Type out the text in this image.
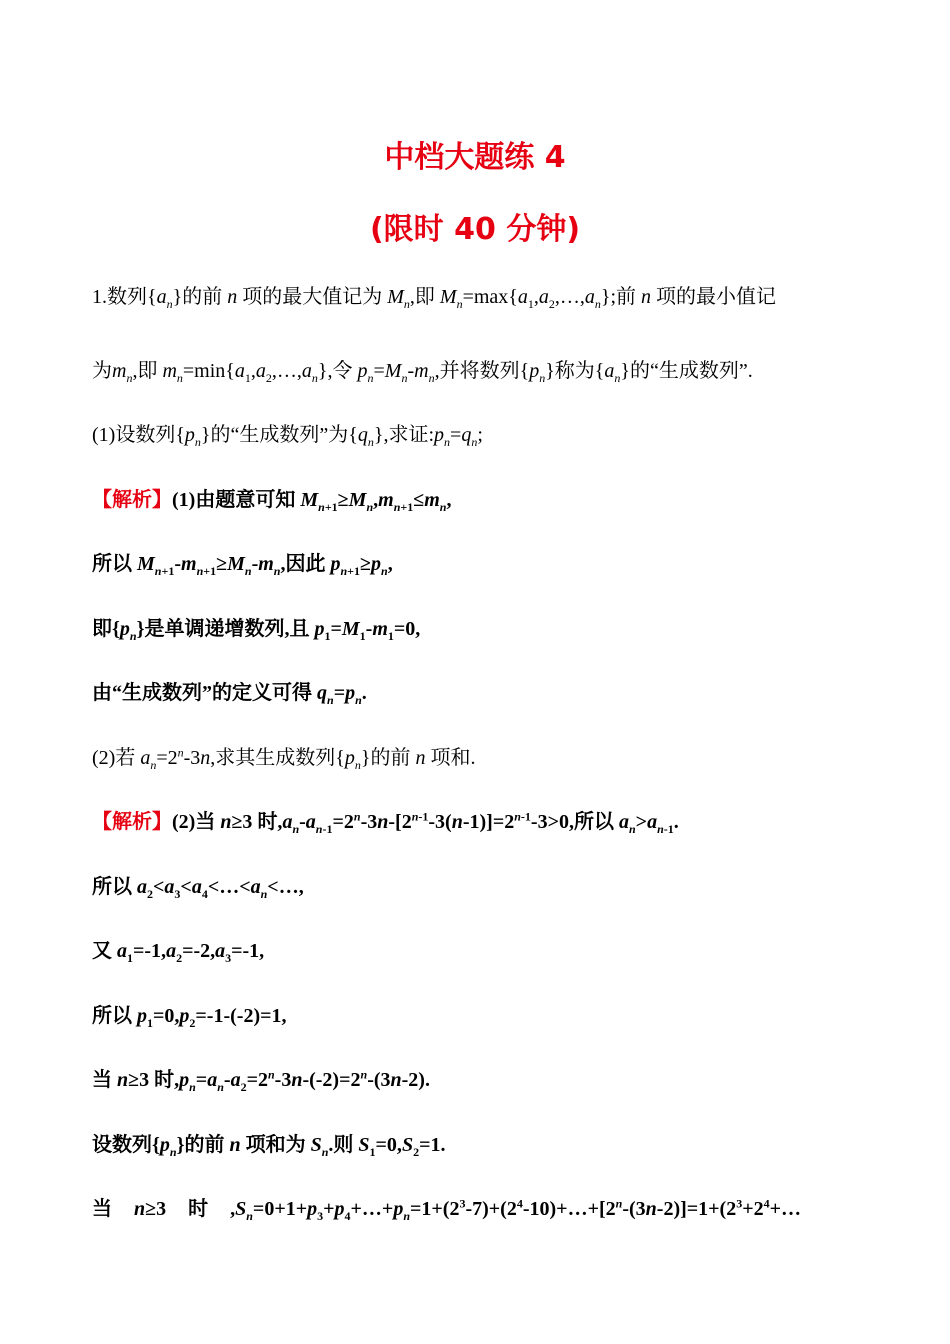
中档大题练 4
(限时 40 分钟)
1.数列$\{a_n\}$的前 n 项的最大值记为 $M_n$,即 $M_n=\max\{a_1,a_2,\dots,a_n\}$;前 n 项的最小值记
为$m_n$,即 $m_n=\min\{a_1,a_2,\dots,a_n\}$,令 $p_n=M_n-m_n$,并将数列$\{p_n\}$称为$\{a_n\}$的“生成数列”.
(1)设数列$\{p_n\}$的“生成数列”为$\{q_n\}$,求证$:p_n=q_n$;
【解析】(1)由题意可知 $M_{n+1}\ge M_n,m_{n+1}\le m_n$,
所以 $M_{n+1}-m_{n+1}\ge M_n-m_n$,因此 $p_{n+1}\ge p_n$,
即$\{p_n\}$是单调递增数列,且 $p_1=M_1-m_1=0$,
由“生成数列”的定义可得 $q_n=p_n$.
(2)若 $a_n=2^n-3n$,求其生成数列$\{p_n\}$的前 n 项和.
【解析】(2)当 n≥3 时$,a_n-a_{n-1}=2^n-3n-[2^{n-1}-3(n-1)]=2^{n-1}-3>0$,所以 $a_n>a_{n-1}$.
所以 $a_2<a_3<a_4<\dots<a_n<\dots$,
又 $a_1=-1,a_2=-2,a_3=-1$,
所以 $p_1=0,p_2=-1-(-2)=1$,
当 n≥3 时$,p_n=a_n-a_2=2^n-3n-(-2)=2^n-(3n-2)$.
设数列$\{p_n\}$的前 n 项和为 $S_n$.则 $S_1=0,S_2=1$.
当 n≥3 时 $,S_n=0+1+p_3+p_4+\dots+p_n=1+(2^3-7)+(2^4-10)+\dots+[2^n-(3n-2)]=1+(2^3+2^4+\dots$
